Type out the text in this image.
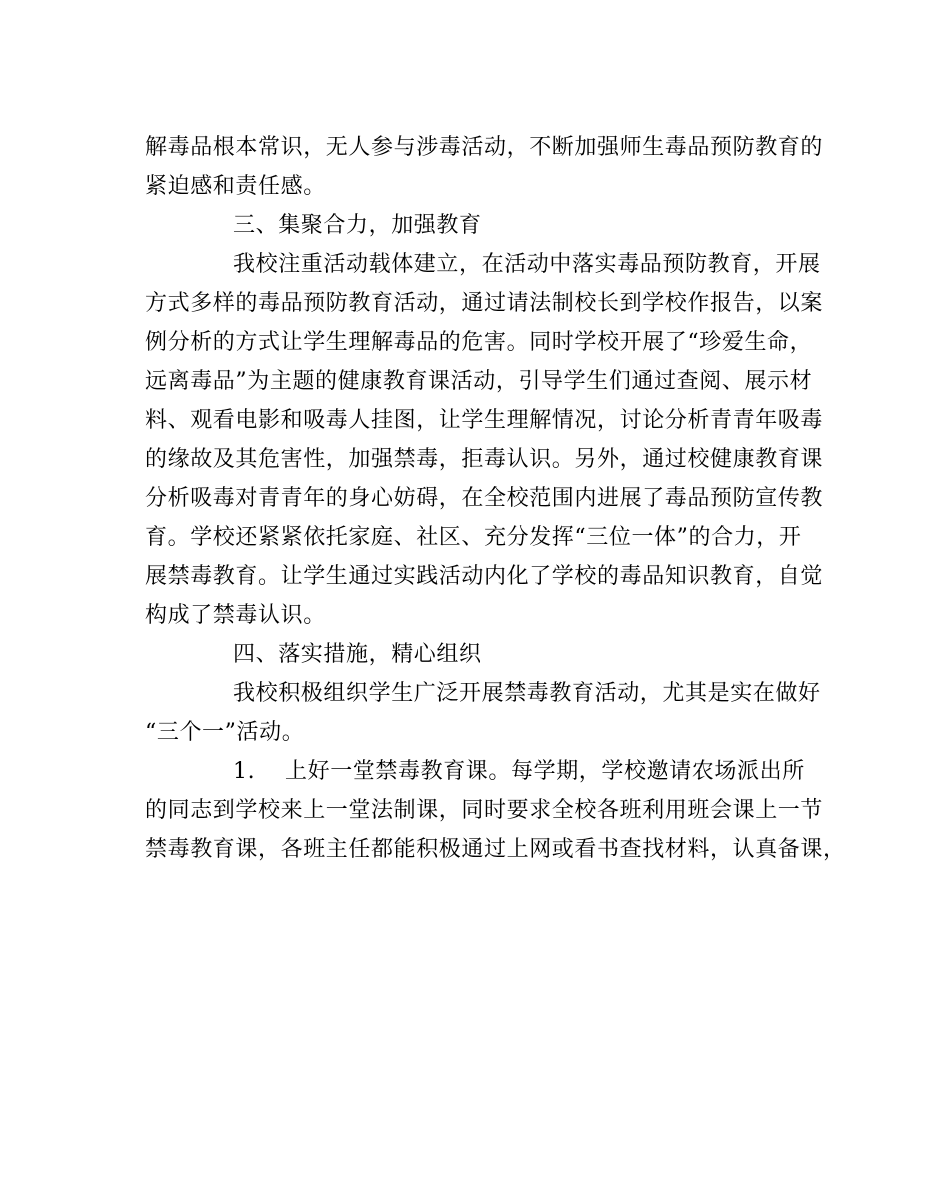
解毒品根本常识，无人参与涉毒活动，不断加强师生毒品预防教育的

紧迫感和责任感。

三、集聚合力，加强教育

我校注重活动载体建立，在活动中落实毒品预防教育，开展

方式多样的毒品预防教育活动，通过请法制校长到学校作报告，以案

例分析的方式让学生理解毒品的危害。同时学校开展了“珍爱生命，

远离毒品”为主题的健康教育课活动，引导学生们通过查阅、展示材

料、观看电影和吸毒人挂图，让学生理解情况，讨论分析青青年吸毒

的缘故及其危害性，加强禁毒，拒毒认识。另外，通过校健康教育课

分析吸毒对青青年的身心妨碍，在全校范围内进展了毒品预防宣传教

育。学校还紧紧依托家庭、社区、充分发挥“三位一体”的合力，开

展禁毒教育。让学生通过实践活动内化了学校的毒品知识教育，自觉

构成了禁毒认识。

四、落实措施，精心组织

我校积极组织学生广泛开展禁毒教育活动，尤其是实在做好

“三个一”活动。

1. 上好一堂禁毒教育课。每学期，学校邀请农场派出所

的同志到学校来上一堂法制课，同时要求全校各班利用班会课上一节

禁毒教育课，各班主任都能积极通过上网或看书查找材料，认真备课，
